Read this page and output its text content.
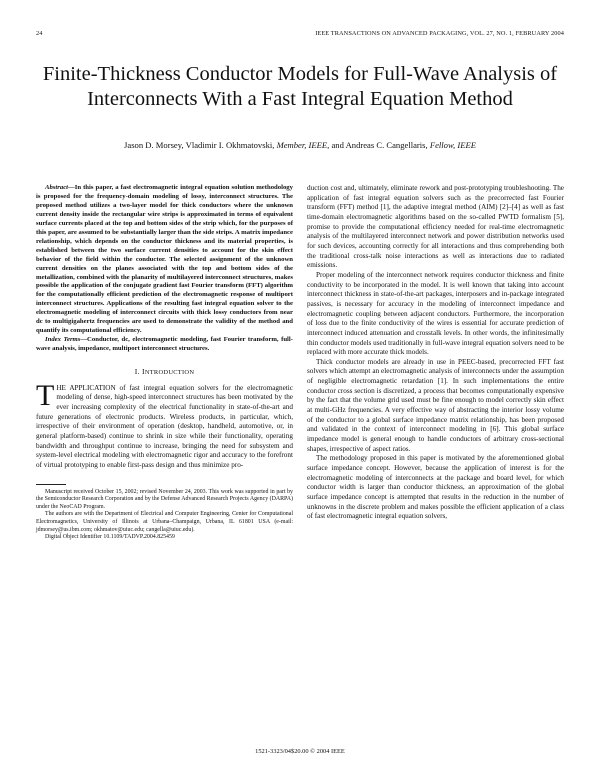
24	IEEE TRANSACTIONS ON ADVANCED PACKAGING, VOL. 27, NO. 1, FEBRUARY 2004
Finite-Thickness Conductor Models for Full-Wave Analysis of Interconnects With a Fast Integral Equation Method
Jason D. Morsey, Vladimir I. Okhmatovski, Member, IEEE, and Andreas C. Cangellaris, Fellow, IEEE

Abstract—In this paper, a fast electromagnetic integral equation solution methodology is proposed for the frequency-domain modeling of lossy, interconnect structures. The proposed method utilizes a two-layer model for thick conductors where the unknown current density inside the rectangular wire strips is approximated in terms of equivalent surface currents placed at the top and bottom sides of the strip which, for the purposes of this paper, are assumed to be substantially larger than the side strips. A matrix impedance relationship, which depends on the conductor thickness and its material properties, is established between the two surface current densities to account for the skin effect behavior of the field within the conductor. The selected assignment of the unknown current densities on the planes associated with the top and bottom sides of the metallization, combined with the planarity of multilayered interconnect structures, makes possible the application of the conjugate gradient fast Fourier transform (FFT) algorithm for the computationally efficient prediction of the electromagnetic response of multiport interconnect structures. Applications of the resulting fast integral equation solver to the electromagnetic modeling of interconnect circuits with thick lossy conductors from near dc to multigigahertz frequencies are used to demonstrate the validity of the method and quantify its computational efficiency.

Index Terms—Conductor, dc, electromagnetic modeling, fast Fourier transform, full-wave analysis, impedance, multiport interconnect structures.

I. INTRODUCTION

THE APPLICATION of fast integral equation solvers for the electromagnetic modeling of dense, high-speed interconnect structures has been motivated by the ever increasing complexity of the electrical functionality in state-of-the-art and future generations of electronic products. Wireless products, in particular, which, irrespective of their environment of operation (desktop, handheld, automotive, or, in general platform-based) continue to shrink in size while their functionality, operating bandwidth and throughput continue to increase, bringing the need for subsystem and system-level electrical modeling with electromagnetic rigor and accuracy to the forefront of virtual prototyping to enable first-pass design and thus minimize pro-

Manuscript received October 15, 2002; revised November 24, 2003. This work was supported in part by the Semiconductor Research Corporation and by the Defense Advanced Research Projects Agency (DARPA) under the NeoCAD Program.

The authors are with the Department of Electrical and Computer Engineering, Center for Computational Electromagnetics, University of Illinois at Urbana–Champaign, Urbana, IL 61801 USA (e-mail: jdmorsey@us.ibm.com; okhmatov@uiuc.edu; cangella@uiuc.edu).

Digital Object Identifier 10.1109/TADVP.2004.825459

duction cost and, ultimately, eliminate rework and post-prototyping troubleshooting. The application of fast integral equation solvers such as the precorrected fast Fourier transform (FFT) method [1], the adaptive integral method (AIM) [2]–[4] as well as fast time-domain electromagnetic algorithms based on the so-called PWTD formalism [5], promise to provide the computational efficiency needed for real-time electromagnetic analysis of the multilayered interconnect network and power distribution networks used for such devices, accounting correctly for all interactions and thus comprehending both the traditional cross-talk noise interactions as well as interactions due to radiated emissions.

Proper modeling of the interconnect network requires conductor thickness and finite conductivity to be incorporated in the model. It is well known that taking into account interconnect thickness in state-of-the-art packages, interposers and in-package integrated passives, is necessary for accuracy in the modeling of interconnect impedance and electromagnetic coupling between adjacent conductors. Furthermore, the incorporation of loss due to the finite conductivity of the wires is essential for accurate prediction of interconnect induced attenuation and crosstalk levels. In other words, the infinitesimally thin conductor models used traditionally in full-wave integral equation solvers need to be replaced with more accurate thick models.

Thick conductor models are already in use in PEEC-based, precorrected FFT fast solvers which attempt an electromagnetic analysis of interconnects under the assumption of negligible electromagnetic retardation [1]. In such implementations the entire conductor cross section is discretized, a process that becomes computationally expensive by the fact that the volume grid used must be fine enough to model correctly skin effect at multi-GHz frequencies. A very effective way of abstracting the interior lossy volume of the conductor to a global surface impedance matrix relationship, has been proposed and validated in the context of interconnect modeling in [6]. This global surface impedance model is general enough to handle conductors of arbitrary cross-sectional shapes, irrespective of aspect ratios.

The methodology proposed in this paper is motivated by the aforementioned global surface impedance concept. However, because the application of interest is for the electromagnetic modeling of interconnects at the package and board level, for which conductor width is larger than conductor thickness, an approximation of the global surface impedance concept is attempted that results in the reduction in the number of unknowns in the discrete problem and makes possible the efficient application of a class of fast electromagnetic integral equation solvers,

1521-3323/04$20.00 © 2004 IEEE
